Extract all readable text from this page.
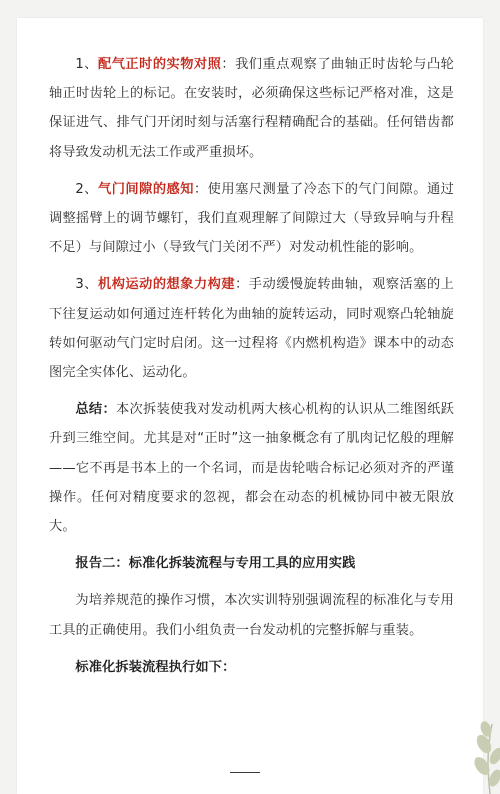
1、配气正时的实物对照：我们重点观察了曲轴正时齿轮与凸轮轴正时齿轮上的标记。在安装时，必须确保这些标记严格对准，这是保证进气、排气门开闭时刻与活塞行程精确配合的基础。任何错齿都将导致发动机无法工作或严重损坏。

2、气门间隙的感知：使用塞尺测量了冷态下的气门间隙。通过调整摇臂上的调节螺钉，我们直观理解了间隙过大（导致异响与升程不足）与间隙过小（导致气门关闭不严）对发动机性能的影响。

3、机构运动的想象力构建：手动缓慢旋转曲轴，观察活塞的上下往复运动如何通过连杆转化为曲轴的旋转运动，同时观察凸轮轴旋转如何驱动气门定时启闭。这一过程将《内燃机构造》课本中的动态图完全实体化、运动化。

总结：本次拆装使我对发动机两大核心机构的认识从二维图纸跃升到三维空间。尤其是对“正时”这一抽象概念有了肌肉记忆般的理解——它不再是书本上的一个名词，而是齿轮啮合标记必须对齐的严谨操作。任何对精度要求的忽视，都会在动态的机械协同中被无限放大。

报告二：标准化拆装流程与专用工具的应用实践

为培养规范的操作习惯，本次实训特别强调流程的标准化与专用工具的正确使用。我们小组负责一台发动机的完整拆解与重装。

标准化拆装流程执行如下：
